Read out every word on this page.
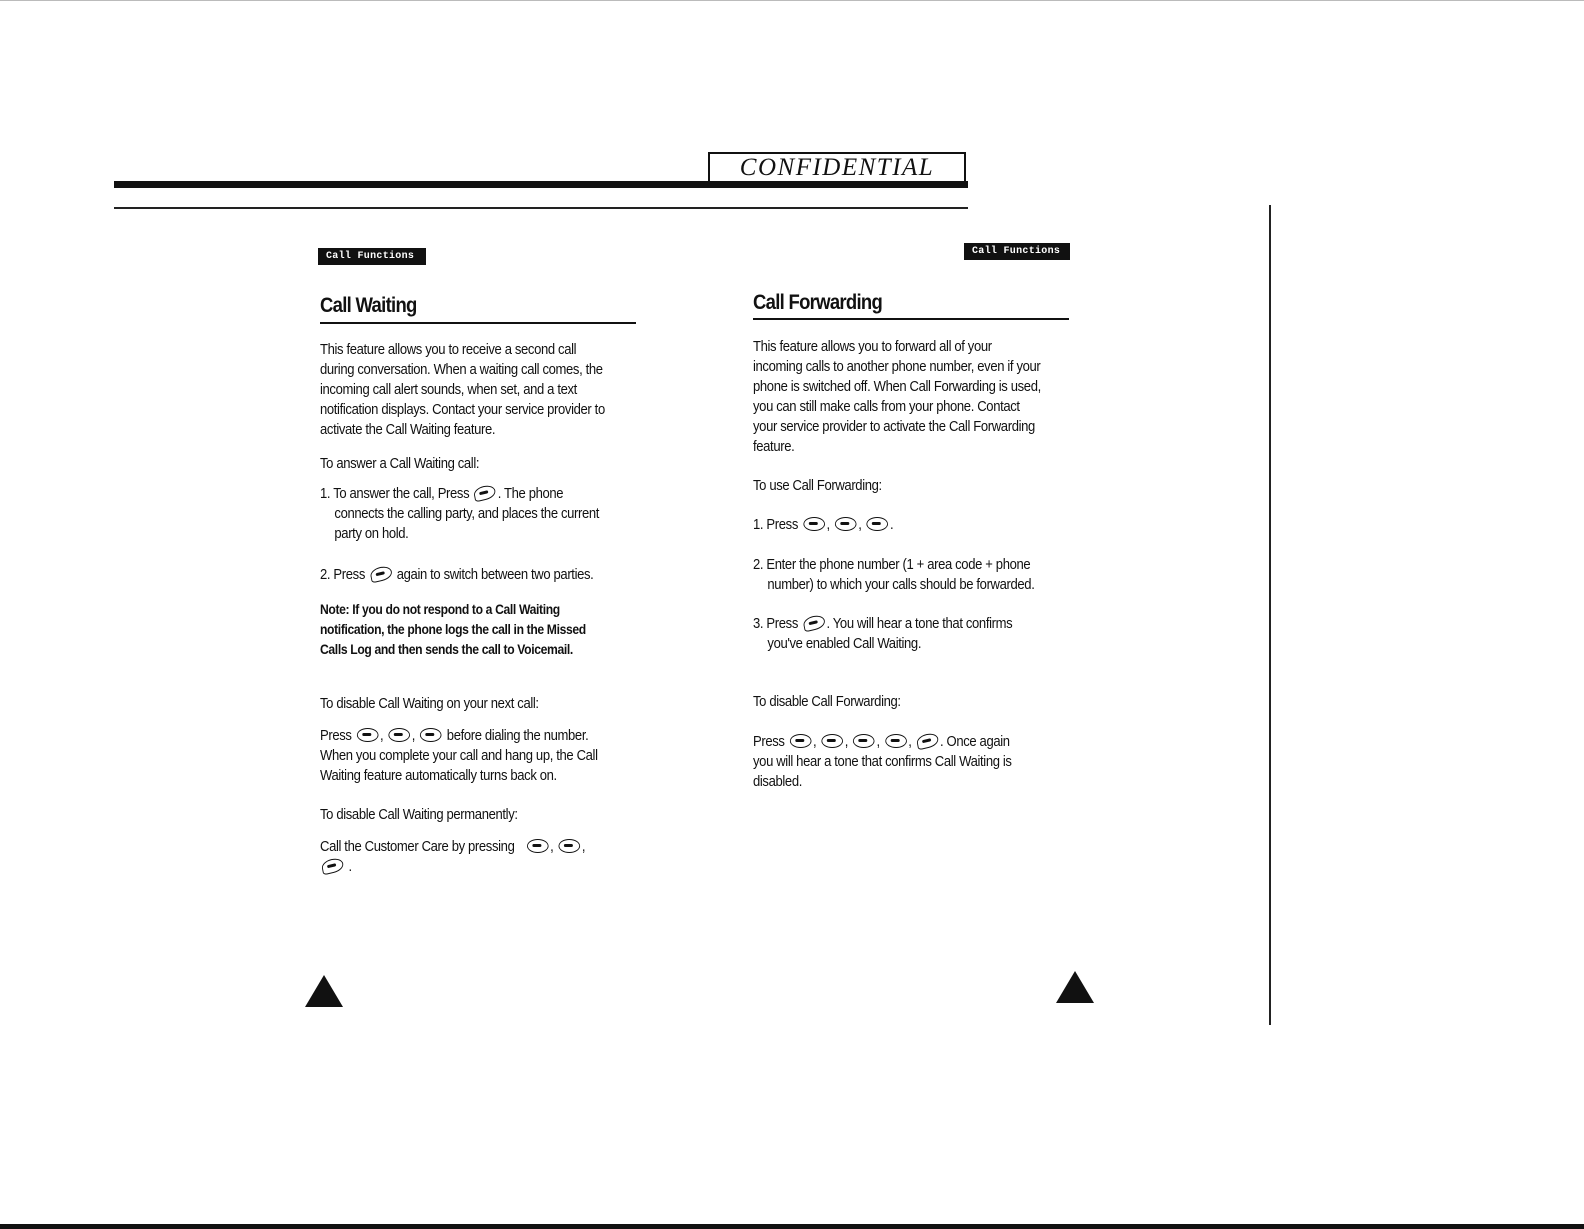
CONFIDENTIAL
Call Functions
Call Waiting

This feature allows you to receive a second call

during conversation. When a waiting call comes, the

incoming call alert sounds, when set, and a text

notification displays. Contact your service provider to

activate the Call Waiting feature.

To answer a Call Waiting call:

1. To answer the call, Press . The phone

connects the calling party, and places the current

party on hold.

2. Press again to switch between two parties.

Note: If you do not respond to a Call Waiting

notification, the phone logs the call in the Missed

Calls Log and then sends the call to Voicemail.

To disable Call Waiting on your next call:

Press , ,  before dialing the number.

When you complete your call and hang up, the Call

Waiting feature automatically turns back on.

To disable Call Waiting permanently:

Call the Customer Care by pressing , ,

.

Call Functions
Call Forwarding

This feature allows you to forward all of your

incoming calls to another phone number, even if your

phone is switched off. When Call Forwarding is used,

you can still make calls from your phone. Contact

your service provider to activate the Call Forwarding

feature.

To use Call Forwarding:

1. Press , , .

2. Enter the phone number (1 + area code + phone

number) to which your calls should be forwarded.

3. Press . You will hear a tone that confirms

you've enabled Call Waiting.

To disable Call Forwarding:

Press , , , , . Once again

you will hear a tone that confirms Call Waiting is

disabled.
